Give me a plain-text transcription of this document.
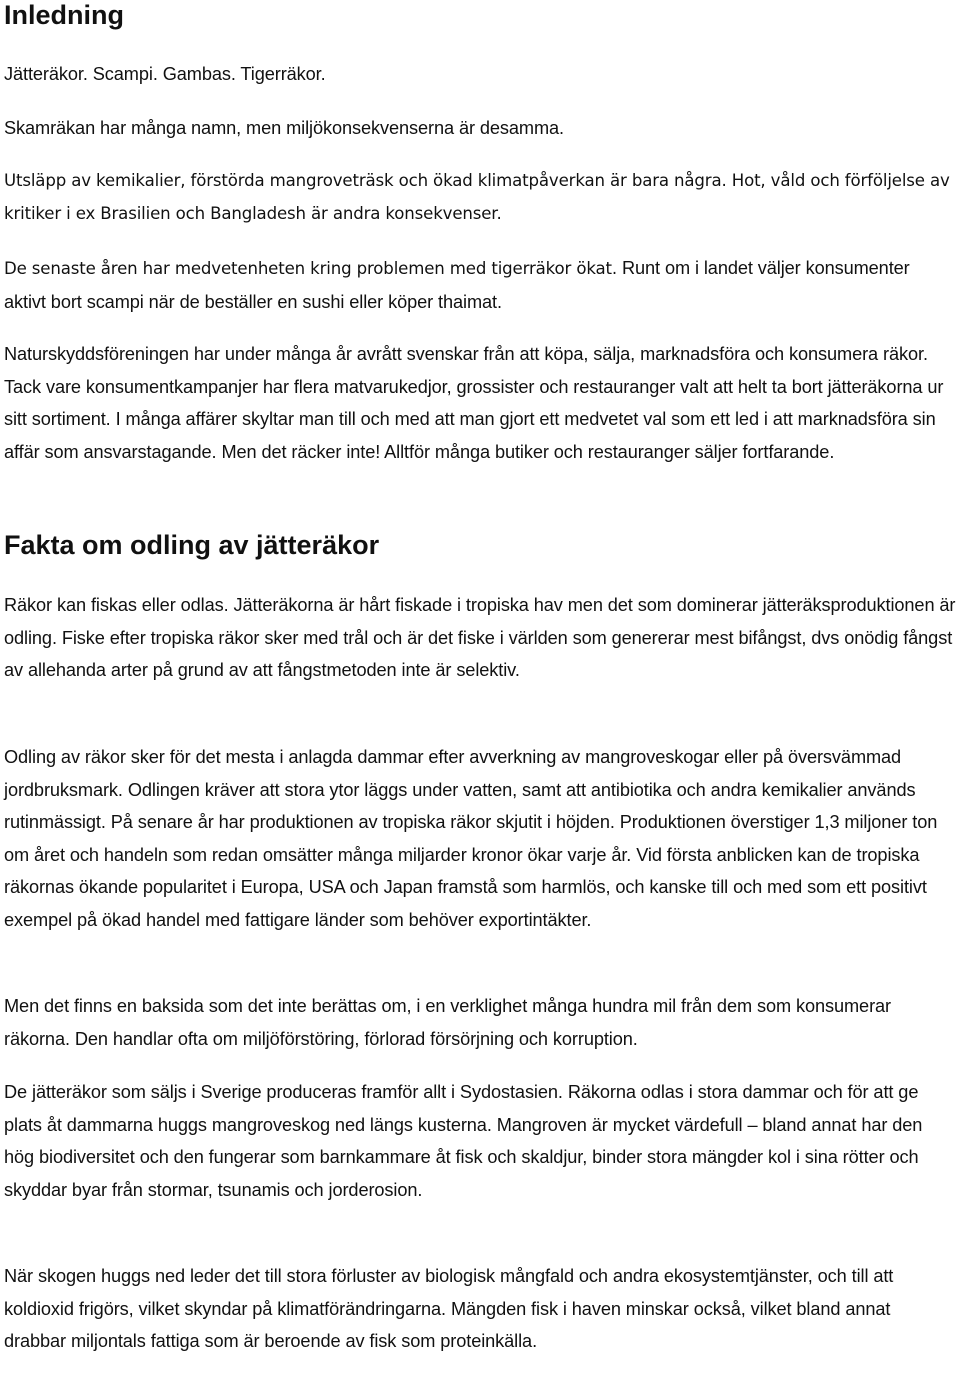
Inledning

Jätteräkor. Scampi. Gambas. Tigerräkor.

Skamräkan har många namn, men miljökonsekvenserna är desamma.

Utsläpp av kemikalier, förstörda mangroveträsk och ökad klimatpåverkan är bara några. Hot, våld och förföljelse av kritiker i ex Brasilien och Bangladesh är andra konsekvenser.

De senaste åren har medvetenheten kring problemen med tigerräkor ökat. Runt om i landet väljer konsumenter aktivt bort scampi när de beställer en sushi eller köper thaimat.

Naturskyddsföreningen har under många år avrått svenskar från att köpa, sälja, marknadsföra och konsumera räkor. Tack vare konsumentkampanjer har flera matvarukedjor, grossister och restauranger valt att helt ta bort jätteräkorna ur sitt sortiment. I många affärer skyltar man till och med att man gjort ett medvetet val som ett led i att marknadsföra sin affär som ansvarstagande. Men det räcker inte! Alltför många butiker och restauranger säljer fortfarande.

Fakta om odling av jätteräkor

Räkor kan fiskas eller odlas. Jätteräkorna är hårt fiskade i tropiska hav men det som dominerar jätteräksproduktionen är odling. Fiske efter tropiska räkor sker med trål och är det fiske i världen som genererar mest bifångst, dvs onödig fångst av allehanda arter på grund av att fångstmetoden inte är selektiv.

Odling av räkor sker för det mesta i anlagda dammar efter avverkning av mangroveskogar eller på översvämmad jordbruksmark. Odlingen kräver att stora ytor läggs under vatten, samt att antibiotika och andra kemikalier används rutinmässigt. På senare år har produktionen av tropiska räkor skjutit i höjden. Produktionen överstiger 1,3 miljoner ton om året och handeln som redan omsätter många miljarder kronor ökar varje år. Vid första anblicken kan de tropiska räkornas ökande popularitet i Europa, USA och Japan framstå som harmlös, och kanske till och med som ett positivt exempel på ökad handel med fattigare länder som behöver exportintäkter.

Men det finns en baksida som det inte berättas om, i en verklighet många hundra mil från dem som konsumerar räkorna. Den handlar ofta om miljöförstöring, förlorad försörjning och korruption.

De jätteräkor som säljs i Sverige produceras framför allt i Sydostasien. Räkorna odlas i stora dammar och för att ge plats åt dammarna huggs mangroveskog ned längs kusterna. Mangroven är mycket värdefull – bland annat har den hög biodiversitet och den fungerar som barnkammare åt fisk och skaldjur, binder stora mängder kol i sina rötter och skyddar byar från stormar, tsunamis och jorderosion.

När skogen huggs ned leder det till stora förluster av biologisk mångfald och andra ekosystemtjänster, och till att koldioxid frigörs, vilket skyndar på klimatförändringarna. Mängden fisk i haven minskar också, vilket bland annat drabbar miljontals fattiga som är beroende av fisk som proteinkälla.
